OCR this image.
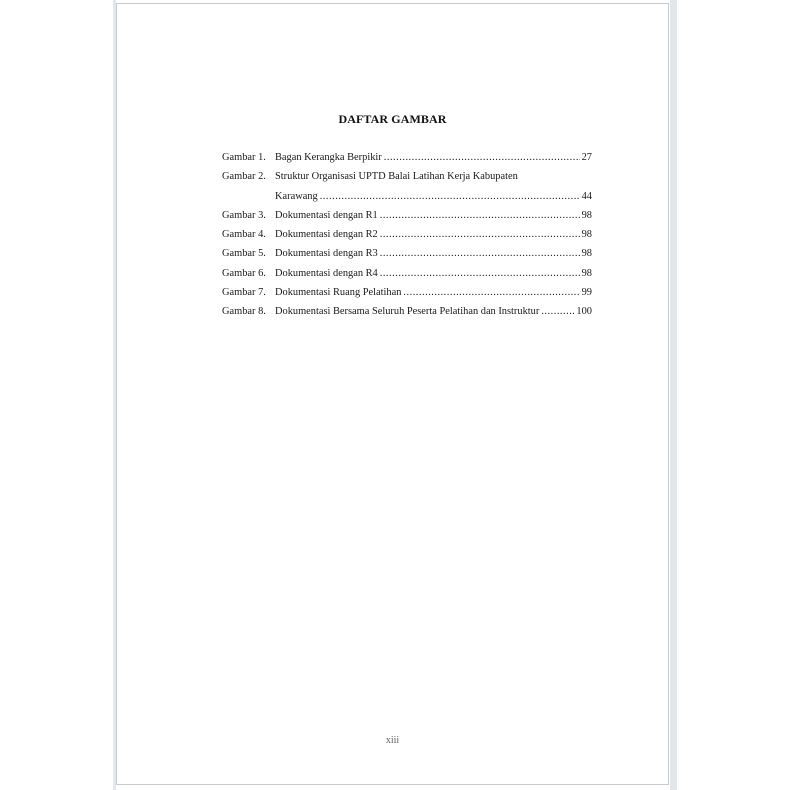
DAFTAR GAMBAR
Gambar 1. Bagan Kerangka Berpikir .....	27
Gambar 2. Struktur Organisasi UPTD Balai Latihan Kerja Kabupaten
Karawang .....	44
Gambar 3. Dokumentasi dengan R1 .....	98
Gambar 4. Dokumentasi dengan R2 .....	98
Gambar 5. Dokumentasi dengan R3 .....	98
Gambar 6. Dokumentasi dengan R4 .....	98
Gambar 7. Dokumentasi Ruang Pelatihan .....	99
Gambar 8. Dokumentasi Bersama Seluruh Peserta Pelatihan dan Instruktur .....	100
xiii
